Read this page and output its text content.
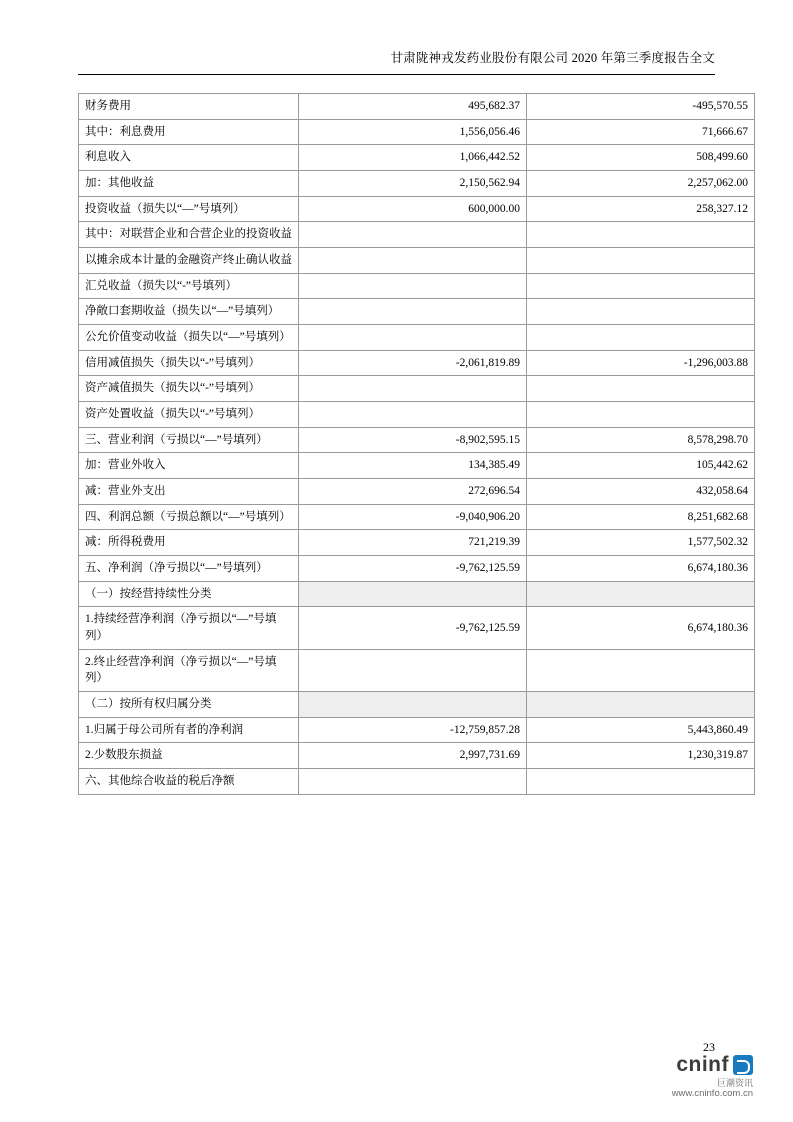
甘肃陇神戎发药业股份有限公司 2020 年第三季度报告全文
财务费用	495,682.37	-495,570.55
其中：利息费用	1,556,056.46	71,666.67
利息收入	1,066,442.52	508,499.60
加：其他收益	2,150,562.94	2,257,062.00
投资收益（损失以“—”号填列）	600,000.00	258,327.12
其中：对联营企业和合营企业的投资收益		
以摊余成本计量的金融资产终止确认收益		
汇兑收益（损失以“-”号填列）		
净敞口套期收益（损失以“—”号填列）		
公允价值变动收益（损失以“—”号填列）		
信用减值损失（损失以“-”号填列）	-2,061,819.89	-1,296,003.88
资产减值损失（损失以“-”号填列）		
资产处置收益（损失以“-”号填列）		
三、营业利润（亏损以“—”号填列）	-8,902,595.15	8,578,298.70
加：营业外收入	134,385.49	105,442.62
减：营业外支出	272,696.54	432,058.64
四、利润总额（亏损总额以“—”号填列）	-9,040,906.20	8,251,682.68
减：所得税费用	721,219.39	1,577,502.32
五、净利润（净亏损以“—”号填列）	-9,762,125.59	6,674,180.36
（一）按经营持续性分类		
1.持续经营净利润（净亏损以“—”号填列）	-9,762,125.59	6,674,180.36
2.终止经营净利润（净亏损以“—”号填列）		
（二）按所有权归属分类		
1.归属于母公司所有者的净利润	-12,759,857.28	5,443,860.49
2.少数股东损益	2,997,731.69	1,230,319.87
六、其他综合收益的税后净额		
23
cninf
巨潮资讯
www.cninfo.com.cn
